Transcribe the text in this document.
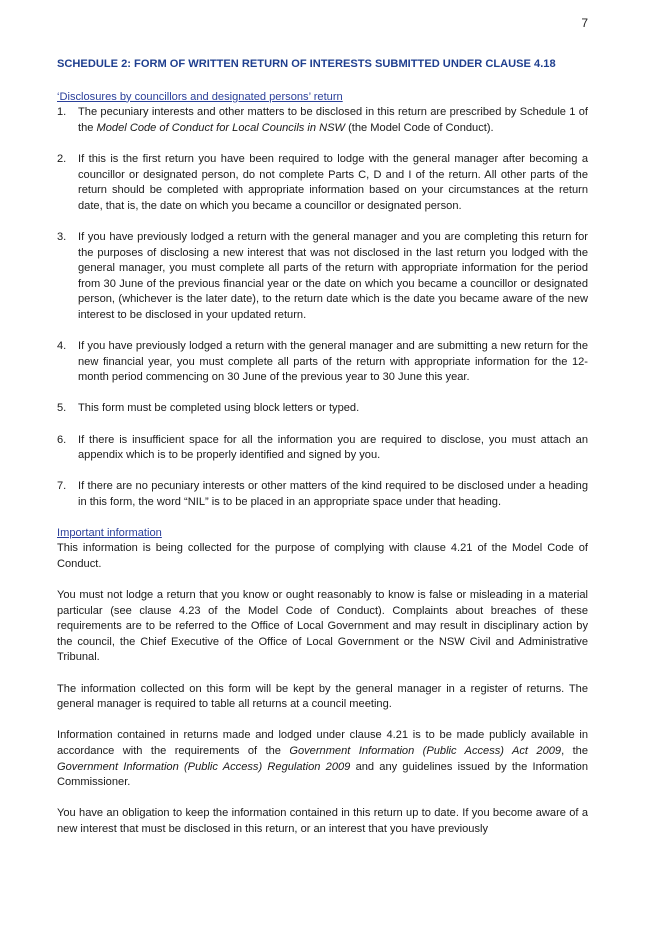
7
SCHEDULE 2: FORM OF WRITTEN RETURN OF INTERESTS SUBMITTED UNDER CLAUSE 4.18
‘Disclosures by councillors and designated persons’ return
1. The pecuniary interests and other matters to be disclosed in this return are prescribed by Schedule 1 of the Model Code of Conduct for Local Councils in NSW (the Model Code of Conduct).
2. If this is the first return you have been required to lodge with the general manager after becoming a councillor or designated person, do not complete Parts C, D and I of the return. All other parts of the return should be completed with appropriate information based on your circumstances at the return date, that is, the date on which you became a councillor or designated person.
3. If you have previously lodged a return with the general manager and you are completing this return for the purposes of disclosing a new interest that was not disclosed in the last return you lodged with the general manager, you must complete all parts of the return with appropriate information for the period from 30 June of the previous financial year or the date on which you became a councillor or designated person, (whichever is the later date), to the return date which is the date you became aware of the new interest to be disclosed in your updated return.
4. If you have previously lodged a return with the general manager and are submitting a new return for the new financial year, you must complete all parts of the return with appropriate information for the 12-month period commencing on 30 June of the previous year to 30 June this year.
5. This form must be completed using block letters or typed.
6. If there is insufficient space for all the information you are required to disclose, you must attach an appendix which is to be properly identified and signed by you.
7. If there are no pecuniary interests or other matters of the kind required to be disclosed under a heading in this form, the word “NIL” is to be placed in an appropriate space under that heading.
Important information

This information is being collected for the purpose of complying with clause 4.21 of the Model Code of Conduct.

You must not lodge a return that you know or ought reasonably to know is false or misleading in a material particular (see clause 4.23 of the Model Code of Conduct). Complaints about breaches of these requirements are to be referred to the Office of Local Government and may result in disciplinary action by the council, the Chief Executive of the Office of Local Government or the NSW Civil and Administrative Tribunal.

The information collected on this form will be kept by the general manager in a register of returns. The general manager is required to table all returns at a council meeting.

Information contained in returns made and lodged under clause 4.21 is to be made publicly available in accordance with the requirements of the Government Information (Public Access) Act 2009, the Government Information (Public Access) Regulation 2009 and any guidelines issued by the Information Commissioner.

You have an obligation to keep the information contained in this return up to date. If you become aware of a new interest that must be disclosed in this return, or an interest that you have previously
